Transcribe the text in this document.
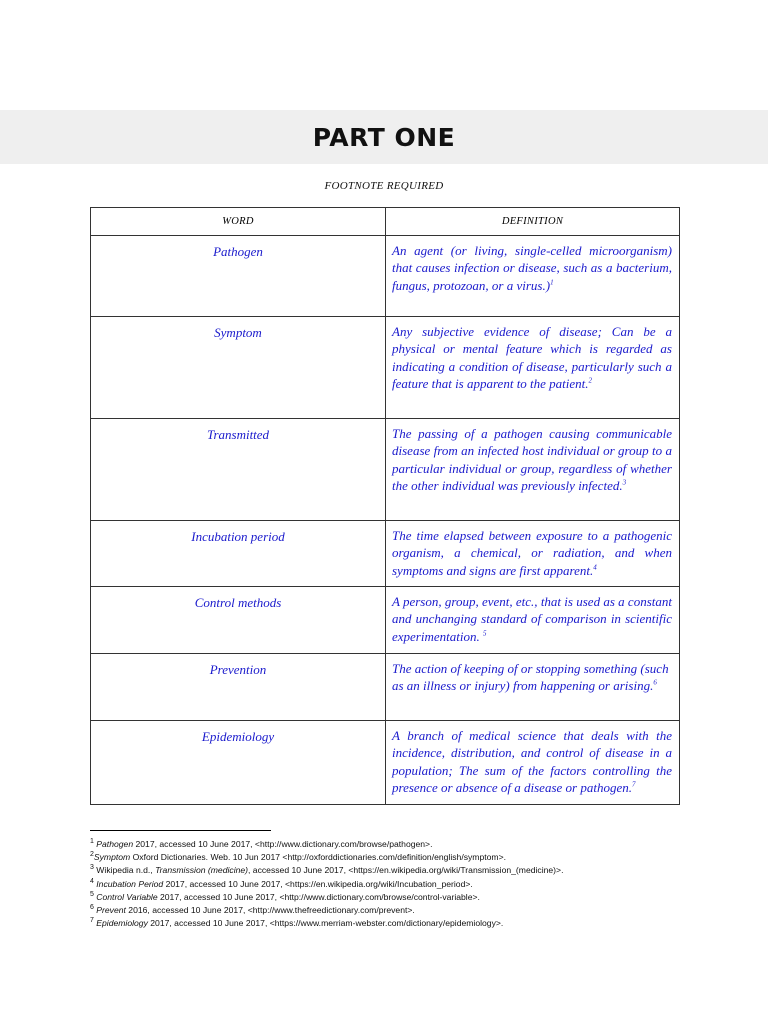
PART ONE
FOOTNOTE REQUIRED
WORD	DEFINITION
Pathogen	An agent (or living, single-celled microorganism) that causes infection or disease, such as a bacterium, fungus, protozoan, or a virus.)$^1$
Symptom	Any subjective evidence of disease; Can be a physical or mental feature which is regarded as indicating a condition of disease, particularly such a feature that is apparent to the patient.$^2$
Transmitted	The passing of a pathogen causing communicable disease from an infected host individual or group to a particular individual or group, regardless of whether the other individual was previously infected.$^3$
Incubation period	The time elapsed between exposure to a pathogenic organism, a chemical, or radiation, and when symptoms and signs are first apparent.$^4$
Control methods	A person, group, event, etc., that is used as a constant and unchanging standard of comparison in scientific experimentation. $^5$
Prevention	The action of keeping of or stopping something (such as an illness or injury) from happening or arising.$^6$
Epidemiology	A branch of medical science that deals with the incidence, distribution, and control of disease in a population; The sum of the factors controlling the presence or absence of a disease or pathogen.$^7$
$^1$ Pathogen 2017, accessed 10 June 2017, <http://www.dictionary.com/browse/pathogen>.
$^2$Symptom Oxford Dictionaries. Web. 10 Jun 2017 <http://oxforddictionaries.com/definition/english/symptom>.
$^3$ Wikipedia n.d., Transmission (medicine), accessed 10 June 2017, <https://en.wikipedia.org/wiki/Transmission_(medicine)>.
$^4$ Incubation Period 2017, accessed 10 June 2017, <https://en.wikipedia.org/wiki/Incubation_period>.
$^5$ Control Variable 2017, accessed 10 June 2017, <http://www.dictionary.com/browse/control-variable>.
$^6$ Prevent 2016, accessed 10 June 2017, <http://www.thefreedictionary.com/prevent>.
$^7$ Epidemiology 2017, accessed 10 June 2017, <https://www.merriam-webster.com/dictionary/epidemiology>.
